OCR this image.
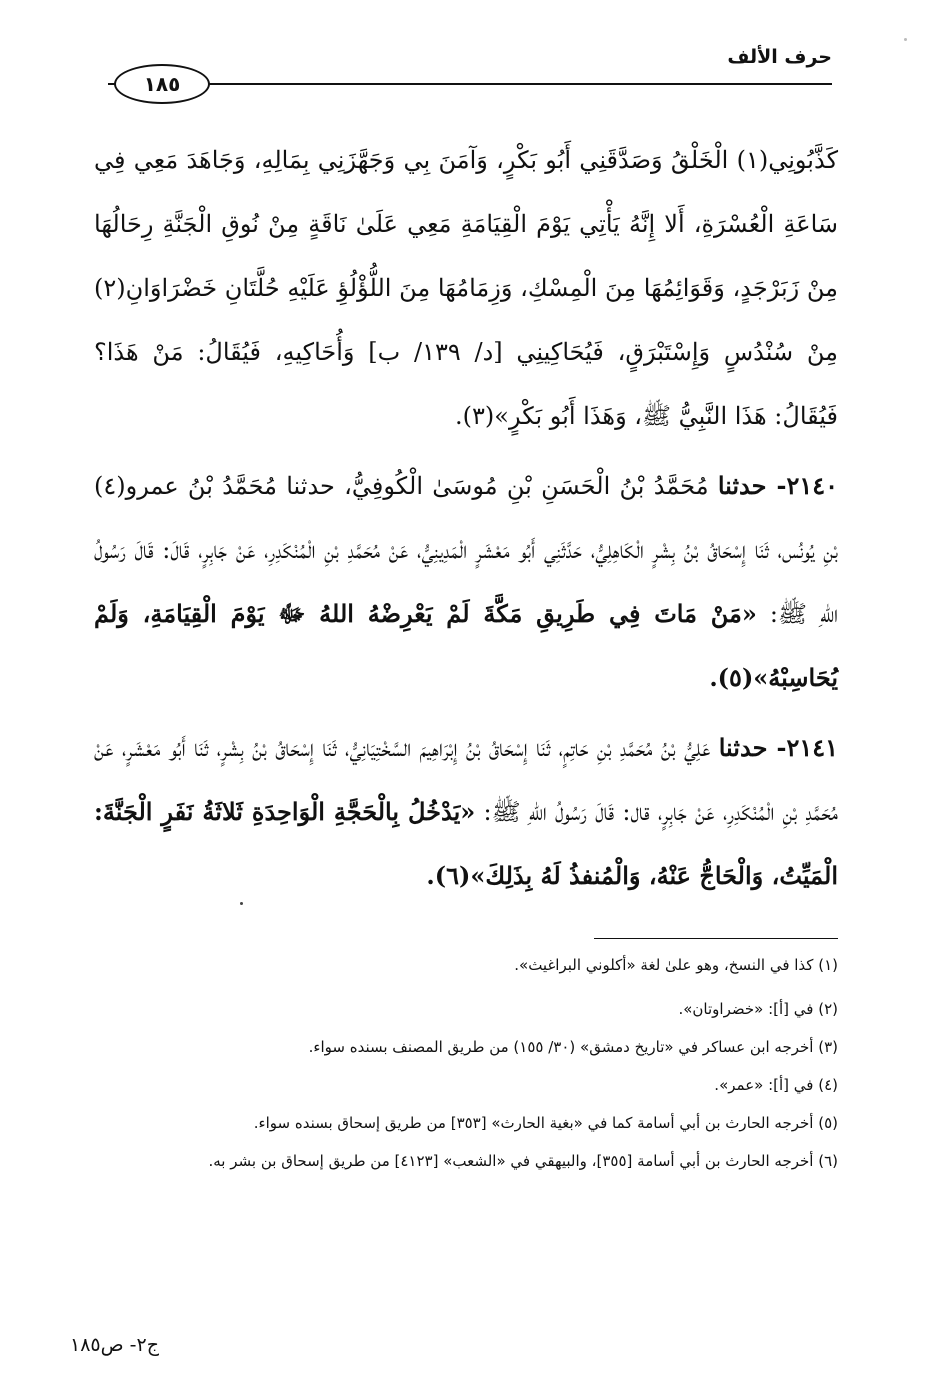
حرف الألف
١٨٥

كَذَّبُونِي(١) الْخَلْقُ وَصَدَّقَنِي أَبُو بَكْرٍ، وَآمَنَ بِي وَجَهَّزَنِي بِمَالِهِ، وَجَاهَدَ مَعِي فِي سَاعَةِ الْعُسْرَةِ، أَلا إِنَّهُ يَأْتِي يَوْمَ الْقِيَامَةِ مَعِي عَلَىٰ نَاقَةٍ مِنْ نُوقِ الْجَنَّةِ رِحَالُهَا مِنْ زَبَرْجَدٍ، وَقَوَائِمُهَا مِنَ الْمِسْكِ، وَزِمَامُهَا مِنَ اللُّؤْلُؤِ عَلَيْهِ حُلَّتَانِ خَضْرَاوَانِ(٢) مِنْ سُنْدُسٍ وَإِسْتَبْرَقٍ، فَيُحَاكِينِي [د/ ١٣٩/ ب] وَأُحَاكِيهِ، فَيُقَالُ: مَنْ هَذَا؟ فَيُقَالُ: هَذَا النَّبِيُّ ﷺ، وَهَذَا أَبُو بَكْرٍ»(٣).

٢١٤٠- حدثنا مُحَمَّدُ بْنُ الْحَسَنِ بْنِ مُوسَىٰ الْكُوفِيُّ، حدثنا مُحَمَّدُ بْنُ عمرو(٤) بْنِ يُونُس، ثَنَا إِسْحَاقُ بْنُ بِشْرٍ الْكَاهِلِيُّ، حَدَّثَنِي أَبُو مَعْشَرٍ الْمَدِينِيُّ، عَنْ مُحَمَّدِ بْنِ الْمُنْكَدِرِ، عَنْ جَابِرٍ، قَالَ: قَالَ رَسُولُ اللهِ ﷺ: «مَنْ مَاتَ فِي طَرِيقِ مَكَّةَ لَمْ يَعْرِضْهُ اللهُ ﷻ يَوْمَ الْقِيَامَةِ، وَلَمْ يُحَاسِبْهُ»(٥).

٢١٤١- حدثنا عَلِيُّ بْنُ مُحَمَّدِ بْنِ حَاتِمٍ، ثَنَا إِسْحَاقُ بْنُ إِبْرَاهِيمَ السَّخْتِيَانِيُّ، ثَنَا إِسْحَاقُ بْنُ بِشْرٍ، ثَنَا أَبُو مَعْشَرٍ، عَنْ مُحَمَّدِ بْنِ الْمُنْكَدِرِ، عَنْ جَابِرٍ، قال: قَالَ رَسُولُ اللهِ ﷺ: «يَدْخُلُ بِالْحَجَّةِ الْوَاحِدَةِ ثَلاثَةُ نَفَرٍ الْجَنَّةَ: الْمَيِّتُ، وَالْحَاجُّ عَنْهُ، وَالْمُنفذُ لَهُ بِذَلِكَ»(٦).

(١) كذا في النسخ، وهو علىٰ لغة «أكلوني البراغيث».

(٢) في [أ]: «خضراوتان».

(٣) أخرجه ابن عساكر في «تاريخ دمشق» (٣٠/ ١٥٥) من طريق المصنف بسنده سواء.

(٤) في [أ]: «عمر».

(٥) أخرجه الحارث بن أبي أسامة كما في «بغية الحارث» [٣٥٣] من طريق إسحاق بسنده سواء.

(٦) أخرجه الحارث بن أبي أسامة [٣٥٥]، والبيهقي في «الشعب» [٤١٢٣] من طريق إسحاق بن بشر به.

ج٢- ص١٨٥
